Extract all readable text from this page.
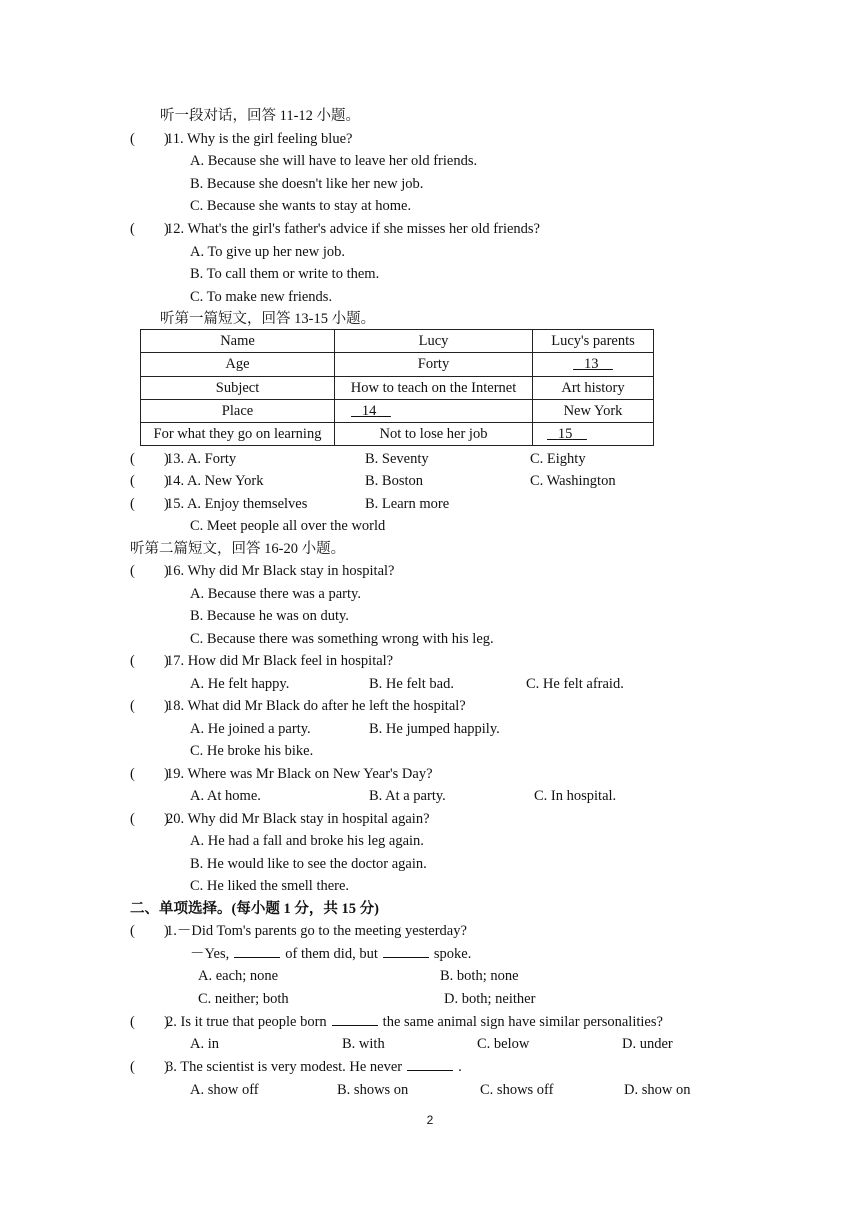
听一段对话，回答 11-12 小题。
(        )
11. Why is the girl feeling blue?
A. Because she will have to leave her old friends.
B. Because she doesn't like her new job.
C. Because she wants to stay at home.
(        )
12. What's the girl's father's advice if she misses her old friends?
A. To give up her new job.
B. To call them or write to them.
C. To make new friends.
听第一篇短文，回答 13-15 小题。
Name	Lucy	Lucy's parents
Age	Forty	13
Subject	How to teach on the Internet	Art history
Place	14	New York
For what they go on learning	Not to lose her job	15
(        )
13. A. Forty	B. Seventy	C. Eighty
(        )
14. A. New York	B. Boston	C. Washington
(        )
15. A. Enjoy themselves	B. Learn more
C. Meet people all over the world
听第二篇短文，回答 16-20 小题。
(        )
16. Why did Mr Black stay in hospital?
A. Because there was a party.
B. Because he was on duty.
C. Because there was something wrong with his leg.
(        )
17. How did Mr Black feel in hospital?
A. He felt happy.	B. He felt bad.	C. He felt afraid.
(        )
18. What did Mr Black do after he left the hospital?
A. He joined a party.	B. He jumped happily.
C. He broke his bike.
(        )
19. Where was Mr Black on New Year's Day?
A. At home.	B. At a party.	C. In hospital.
(        )
20. Why did Mr Black stay in hospital again?
A. He had a fall and broke his leg again.
B. He would like to see the doctor again.
C. He liked the smell there.
二、单项选择。(每小题 1 分，共 15 分)
(        )
1.－Did Tom's parents go to the meeting yesterday?
－Yes,	of them did, but	spoke.
A. each; none	B. both; none
C. neither; both	D. both; neither
(        )
2. Is it true that people born	the same animal sign have similar personalities?
A. in	B. with	C. below	D. under
(        )
3. The scientist is very modest. He never	.
A. show off	B. shows on	C. shows off	D. show on
2
